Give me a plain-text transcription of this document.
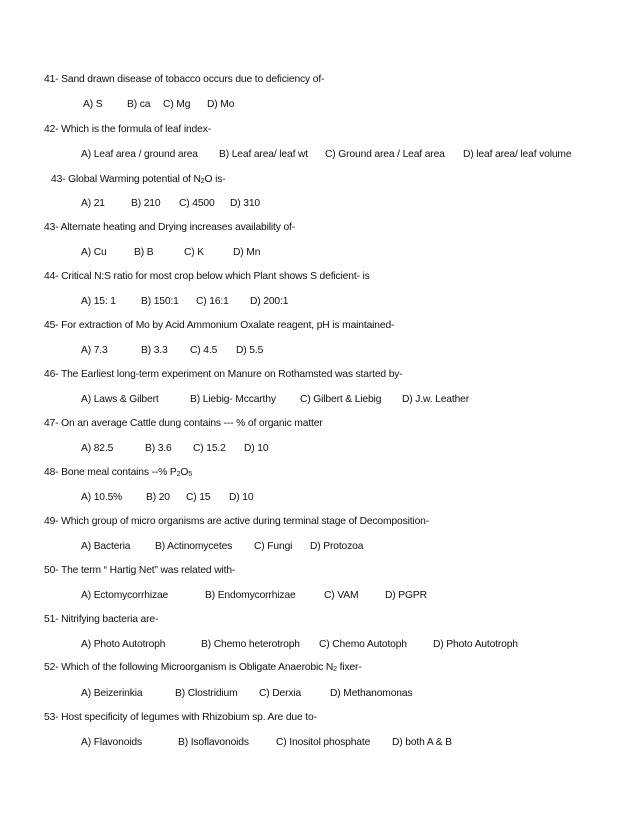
41- Sand drawn disease of tobacco occurs due to deficiency of-
A) S B) ca C) Mg D) Mo
42- Which is the formula of leaf index-
A) Leaf area / ground area B) Leaf area/ leaf wt C) Ground area / Leaf area D) leaf area/ leaf volume
43- Global Warming potential of $N_2O$ is-
A) 21	B) 210 C) 4500 D) 310
43- Alternate heating and Drying increases availability of-
A) Cu	B) B	C) K	D) Mn
44- Critical N:S ratio for most crop below which Plant shows S deficient- is
A) 15: 1 B) 150:1 C) 16:1 D) 200:1
45- For extraction of Mo by Acid Ammonium Oxalate reagent, pH is maintained-
A) 7.3	B) 3.3 C) 4.5 D) 5.5
46- The Earliest long-term experiment on Manure on Rothamsted was started by-
A) Laws & Gilbert	B) Liebig- Mccarthy C) Gilbert & Liebig D) J.w. Leather
47- On an average Cattle dung contains --- % of organic matter
A) 82.5	B) 3.6 C) 15.2 D) 10
48- Bone meal contains --% $P_2O_5$
A) 10.5% B) 20 C) 15 D) 10
49- Which group of micro organisms are active during terminal stage of Decomposition-
A) Bacteria B) Actinomycetes C) Fungi D) Protozoa
50- The term “ Hartig Net” was related with-
A) Ectomycorrhizae	B) Endomycorrhizae	C) VAM	D) PGPR
51- Nitrifying bacteria are-
A) Photo Autotroph	B) Chemo heterotroph C) Chemo Autotoph	D) Photo Autotroph
52- Which of the following Microorganism is Obligate Anaerobic $N_2$ fixer-
A) Beizerinkia	B) Clostridium C) Derxia	D) Methanomonas
53- Host specificity of legumes with Rhizobium sp. Are due to-
A) Flavonoids	B) Isoflavonoids	C) Inositol phosphate D) both A & B
